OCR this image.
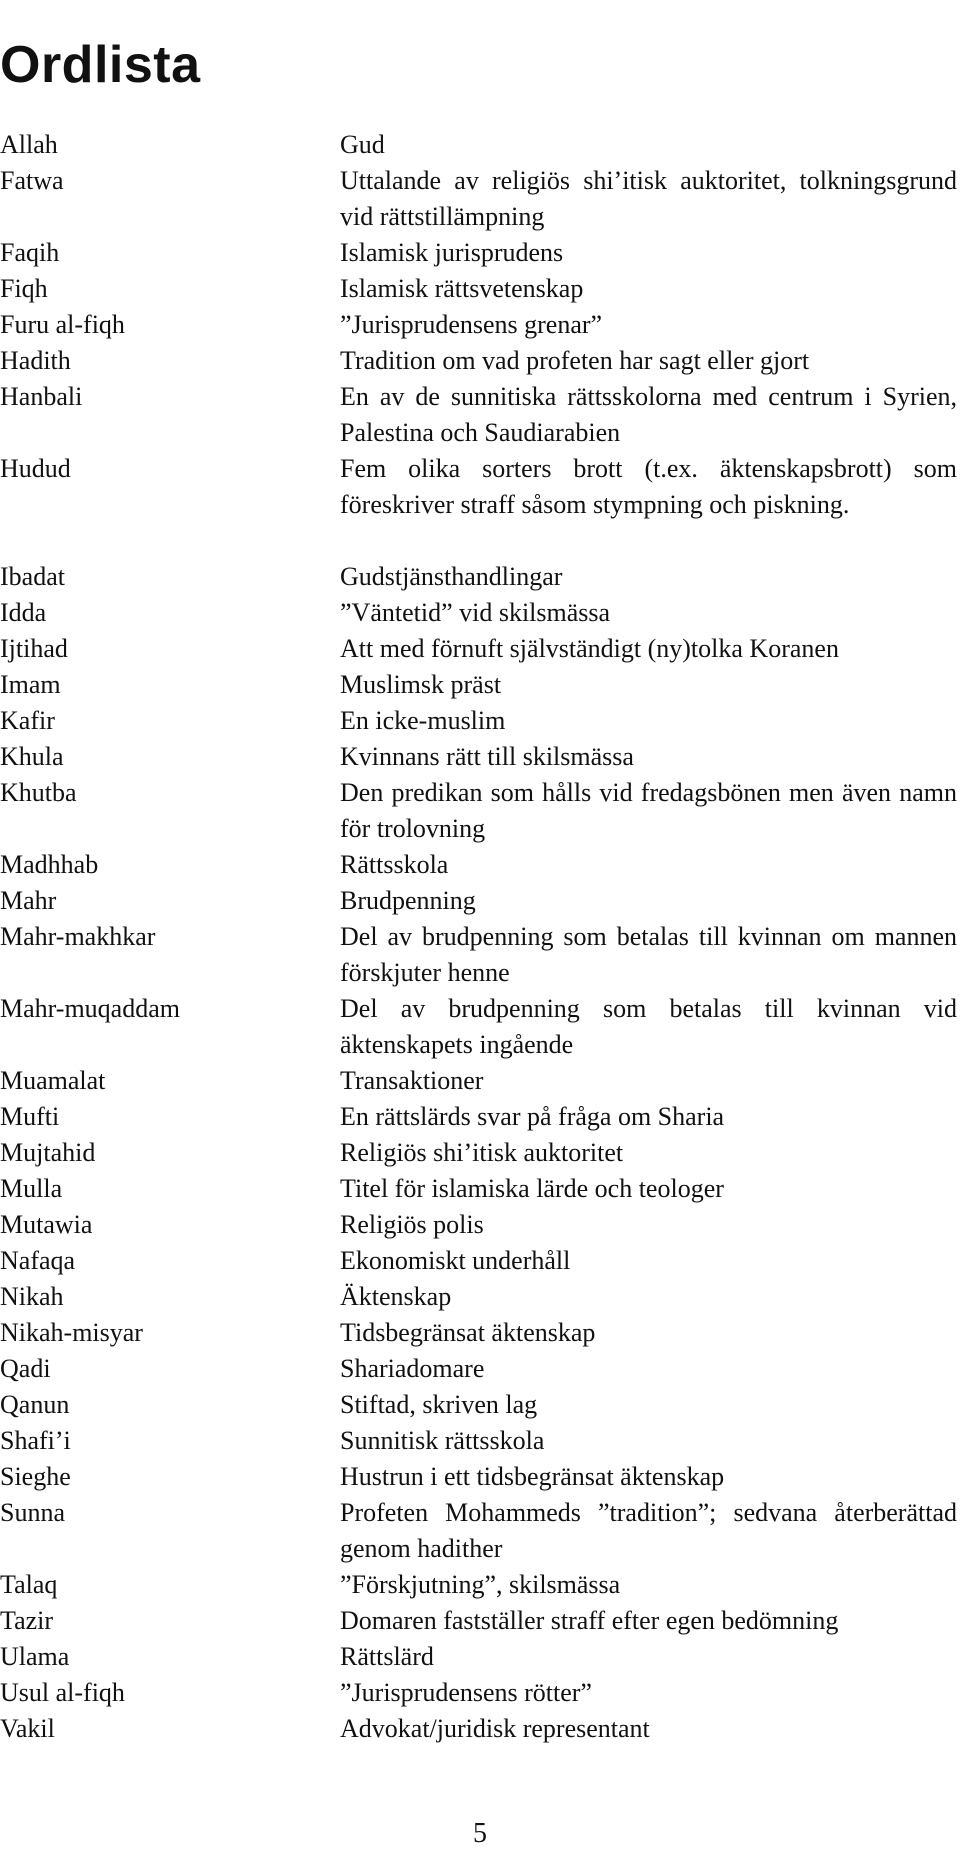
Ordlista
Allah	Gud
Fatwa	Uttalande av religiös shi’itisk auktoritet, tolkningsgrund vid rättstillämpning
Faqih	Islamisk jurisprudens
Fiqh	Islamisk rättsvetenskap
Furu al-fiqh	”Jurisprudensens grenar”
Hadith	Tradition om vad profeten har sagt eller gjort
Hanbali	En av de sunnitiska rättsskolorna med centrum i Syrien, Palestina och Saudiarabien
Hudud	Fem olika sorters brott (t.ex. äktenskapsbrott) som föreskriver straff såsom stympning och piskning.
Ibadat	Gudstjänsthandlingar
Idda	”Väntetid” vid skilsmässa
Ijtihad	Att med förnuft självständigt (ny)tolka Koranen
Imam	Muslimsk präst
Kafir	En icke-muslim
Khula	Kvinnans rätt till skilsmässa
Khutba	Den predikan som hålls vid fredagsbönen men även namn för trolovning
Madhhab	Rättsskola
Mahr	Brudpenning
Mahr-makhkar	Del av brudpenning som betalas till kvinnan om mannen förskjuter henne
Mahr-muqaddam	Del av brudpenning som betalas till kvinnan vid äktenskapets ingående
Muamalat	Transaktioner
Mufti	En rättslärds svar på fråga om Sharia
Mujtahid	Religiös shi’itisk auktoritet
Mulla	Titel för islamiska lärde och teologer
Mutawia	Religiös polis
Nafaqa	Ekonomiskt underhåll
Nikah	Äktenskap
Nikah-misyar	Tidsbegränsat äktenskap
Qadi	Shariadomare
Qanun	Stiftad, skriven lag
Shafi’i	Sunnitisk rättsskola
Sieghe	Hustrun i ett tidsbegränsat äktenskap
Sunna	Profeten Mohammeds ”tradition”; sedvana återberättad genom hadither
Talaq	”Förskjutning”, skilsmässa
Tazir	Domaren fastställer straff efter egen bedömning
Ulama	Rättslärd
Usul al-fiqh	”Jurisprudensens rötter”
Vakil	Advokat/juridisk representant
5
